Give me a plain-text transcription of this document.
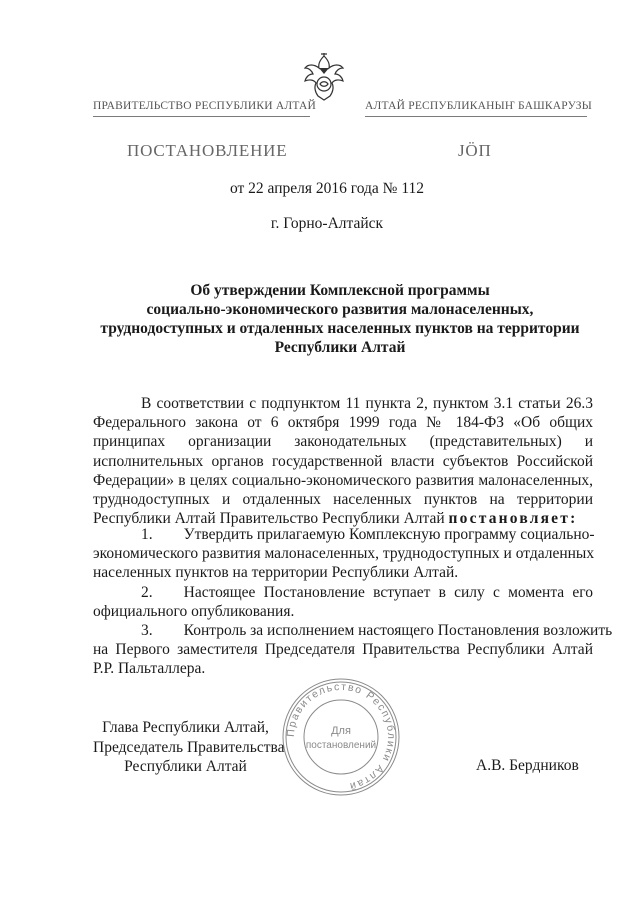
ПРАВИТЕЛЬСТВО РЕСПУБЛИКИ АЛТАЙ	АЛТАЙ РЕСПУБЛИКАНЫҤ БАШКАРУЗЫ
ПОСТАНОВЛЕНИЕ	JӦП
от 22 апреля 2016 года № 112
г. Горно-Алтайск
Об утверждении Комплексной программы
социально-экономического развития малонаселенных,
труднодоступных и отдаленных населенных пунктов на территории
Республики Алтай
В соответствии с подпунктом 11 пункта 2, пунктом 3.1 статьи 26.3
Федерального закона от 6 октября 1999 года № 184-ФЗ «Об общих
принципах организации законодательных (представительных) и
исполнительных органов государственной власти субъектов Российской
Федерации» в целях социально-экономического развития малонаселенных,
труднодоступных и отдаленных населенных пунктов на территории
Республики Алтай Правительство Республики Алтай постановляет:
1.  Утвердить прилагаемую Комплексную программу социально-
экономического развития малонаселенных, труднодоступных и отдаленных
населенных пунктов на территории Республики Алтай.
2.  Настоящее Постановление вступает в силу с момента его
официального опубликования.
3.  Контроль за исполнением настоящего Постановления возложить
на Первого заместителя Председателя Правительства Республики Алтай
Р.Р. Пальталлера.
Правительство Республики Алтай
Для
постановлений
Глава Республики Алтай,
Председатель Правительства
Республики Алтай	А.В. Бердников
